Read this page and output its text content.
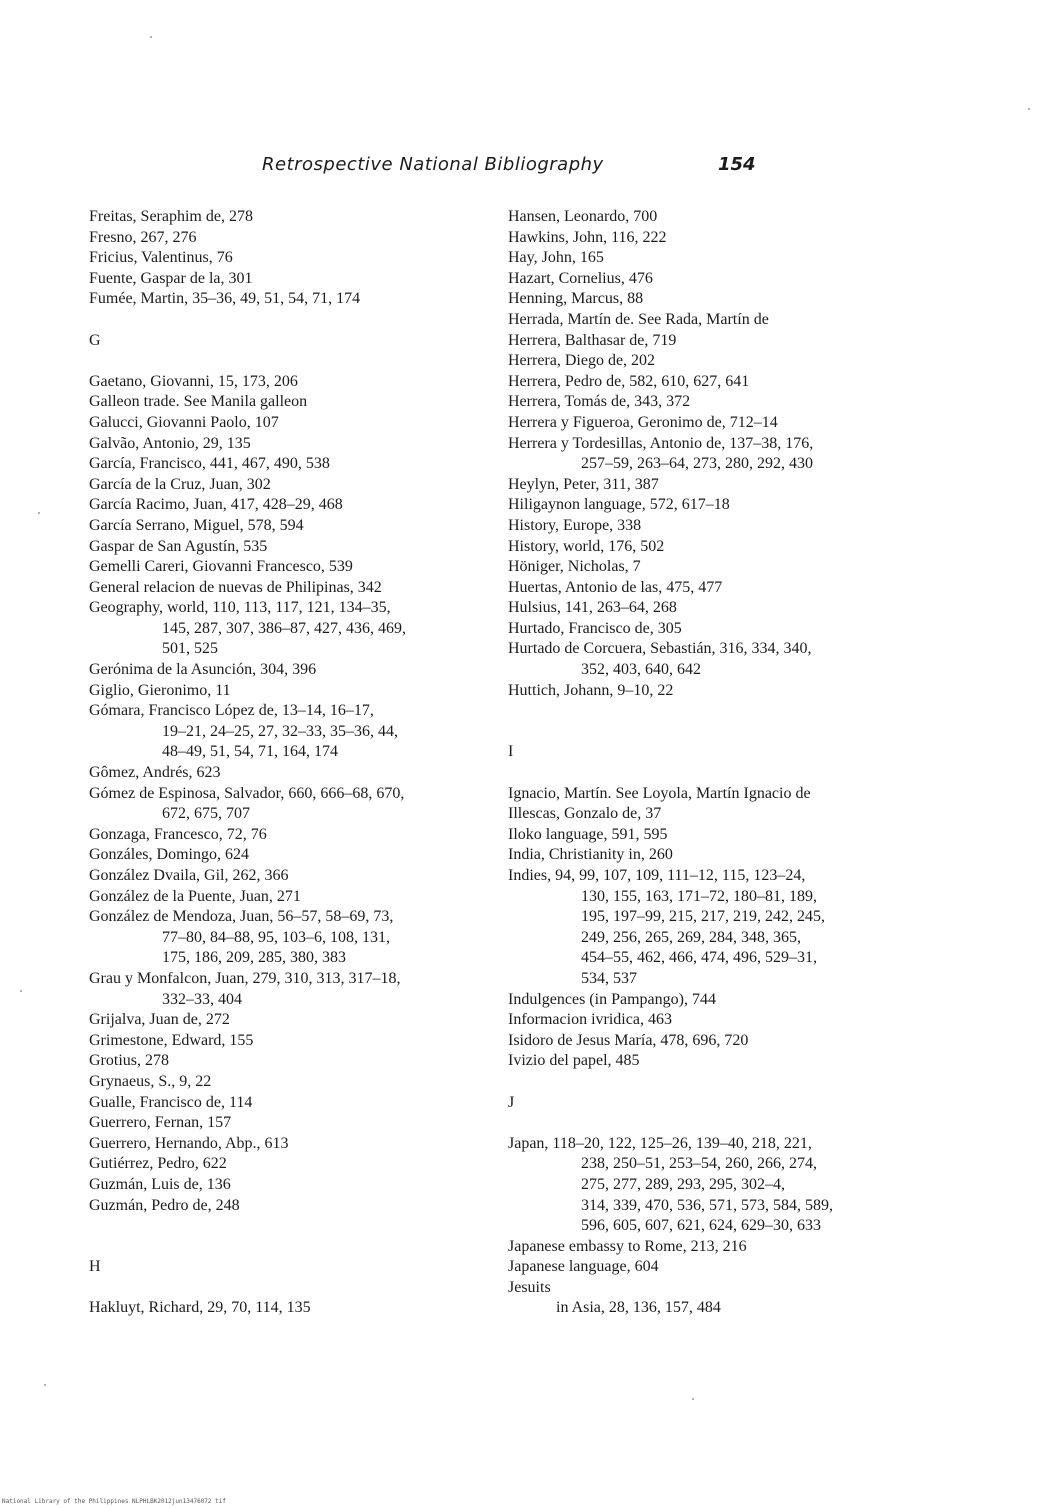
Retrospective National Bibliography	154
Freitas, Seraphim de, 278
Fresno, 267, 276
Fricius, Valentinus, 76
Fuente, Gaspar de la, 301
Fumée, Martin, 35–36, 49, 51, 54, 71, 174
G
Gaetano, Giovanni, 15, 173, 206
Galleon trade. See Manila galleon
Galucci, Giovanni Paolo, 107
Galvão, Antonio, 29, 135
García, Francisco, 441, 467, 490, 538
García de la Cruz, Juan, 302
García Racimo, Juan, 417, 428–29, 468
García Serrano, Miguel, 578, 594
Gaspar de San Agustín, 535
Gemelli Careri, Giovanni Francesco, 539
General relacion de nuevas de Philipinas, 342
Geography, world, 110, 113, 117, 121, 134–35,
145, 287, 307, 386–87, 427, 436, 469,
501, 525
Gerónima de la Asunción, 304, 396
Giglio, Gieronimo, 11
Gómara, Francisco López de, 13–14, 16–17,
19–21, 24–25, 27, 32–33, 35–36, 44,
48–49, 51, 54, 71, 164, 174
Gômez, Andrés, 623
Gómez de Espinosa, Salvador, 660, 666–68, 670,
672, 675, 707
Gonzaga, Francesco, 72, 76
Gonzáles, Domingo, 624
González Dvaila, Gil, 262, 366
González de la Puente, Juan, 271
González de Mendoza, Juan, 56–57, 58–69, 73,
77–80, 84–88, 95, 103–6, 108, 131,
175, 186, 209, 285, 380, 383
Grau y Monfalcon, Juan, 279, 310, 313, 317–18,
332–33, 404
Grijalva, Juan de, 272
Grimestone, Edward, 155
Grotius, 278
Grynaeus, S., 9, 22
Gualle, Francisco de, 114
Guerrero, Fernan, 157
Guerrero, Hernando, Abp., 613
Gutiérrez, Pedro, 622
Guzmán, Luis de, 136
Guzmán, Pedro de, 248
H
Hakluyt, Richard, 29, 70, 114, 135
Hansen, Leonardo, 700
Hawkins, John, 116, 222
Hay, John, 165
Hazart, Cornelius, 476
Henning, Marcus, 88
Herrada, Martín de. See Rada, Martín de
Herrera, Balthasar de, 719
Herrera, Diego de, 202
Herrera, Pedro de, 582, 610, 627, 641
Herrera, Tomás de, 343, 372
Herrera y Figueroa, Geronimo de, 712–14
Herrera y Tordesillas, Antonio de, 137–38, 176,
257–59, 263–64, 273, 280, 292, 430
Heylyn, Peter, 311, 387
Hiligaynon language, 572, 617–18
History, Europe, 338
History, world, 176, 502
Höniger, Nicholas, 7
Huertas, Antonio de las, 475, 477
Hulsius, 141, 263–64, 268
Hurtado, Francisco de, 305
Hurtado de Corcuera, Sebastián, 316, 334, 340,
352, 403, 640, 642
Huttich, Johann, 9–10, 22
I
Ignacio, Martín. See Loyola, Martín Ignacio de
Illescas, Gonzalo de, 37
Iloko language, 591, 595
India, Christianity in, 260
Indies, 94, 99, 107, 109, 111–12, 115, 123–24,
130, 155, 163, 171–72, 180–81, 189,
195, 197–99, 215, 217, 219, 242, 245,
249, 256, 265, 269, 284, 348, 365,
454–55, 462, 466, 474, 496, 529–31,
534, 537
Indulgences (in Pampango), 744
Informacion ivridica, 463
Isidoro de Jesus María, 478, 696, 720
Ivizio del papel, 485
J
Japan, 118–20, 122, 125–26, 139–40, 218, 221,
238, 250–51, 253–54, 260, 266, 274,
275, 277, 289, 293, 295, 302–4,
314, 339, 470, 536, 571, 573, 584, 589,
596, 605, 607, 621, 624, 629–30, 633
Japanese embassy to Rome, 213, 216
Japanese language, 604
Jesuits
in Asia, 28, 136, 157, 484
National Library of the Philippines NLPHLBK2012jun13476072 tif
